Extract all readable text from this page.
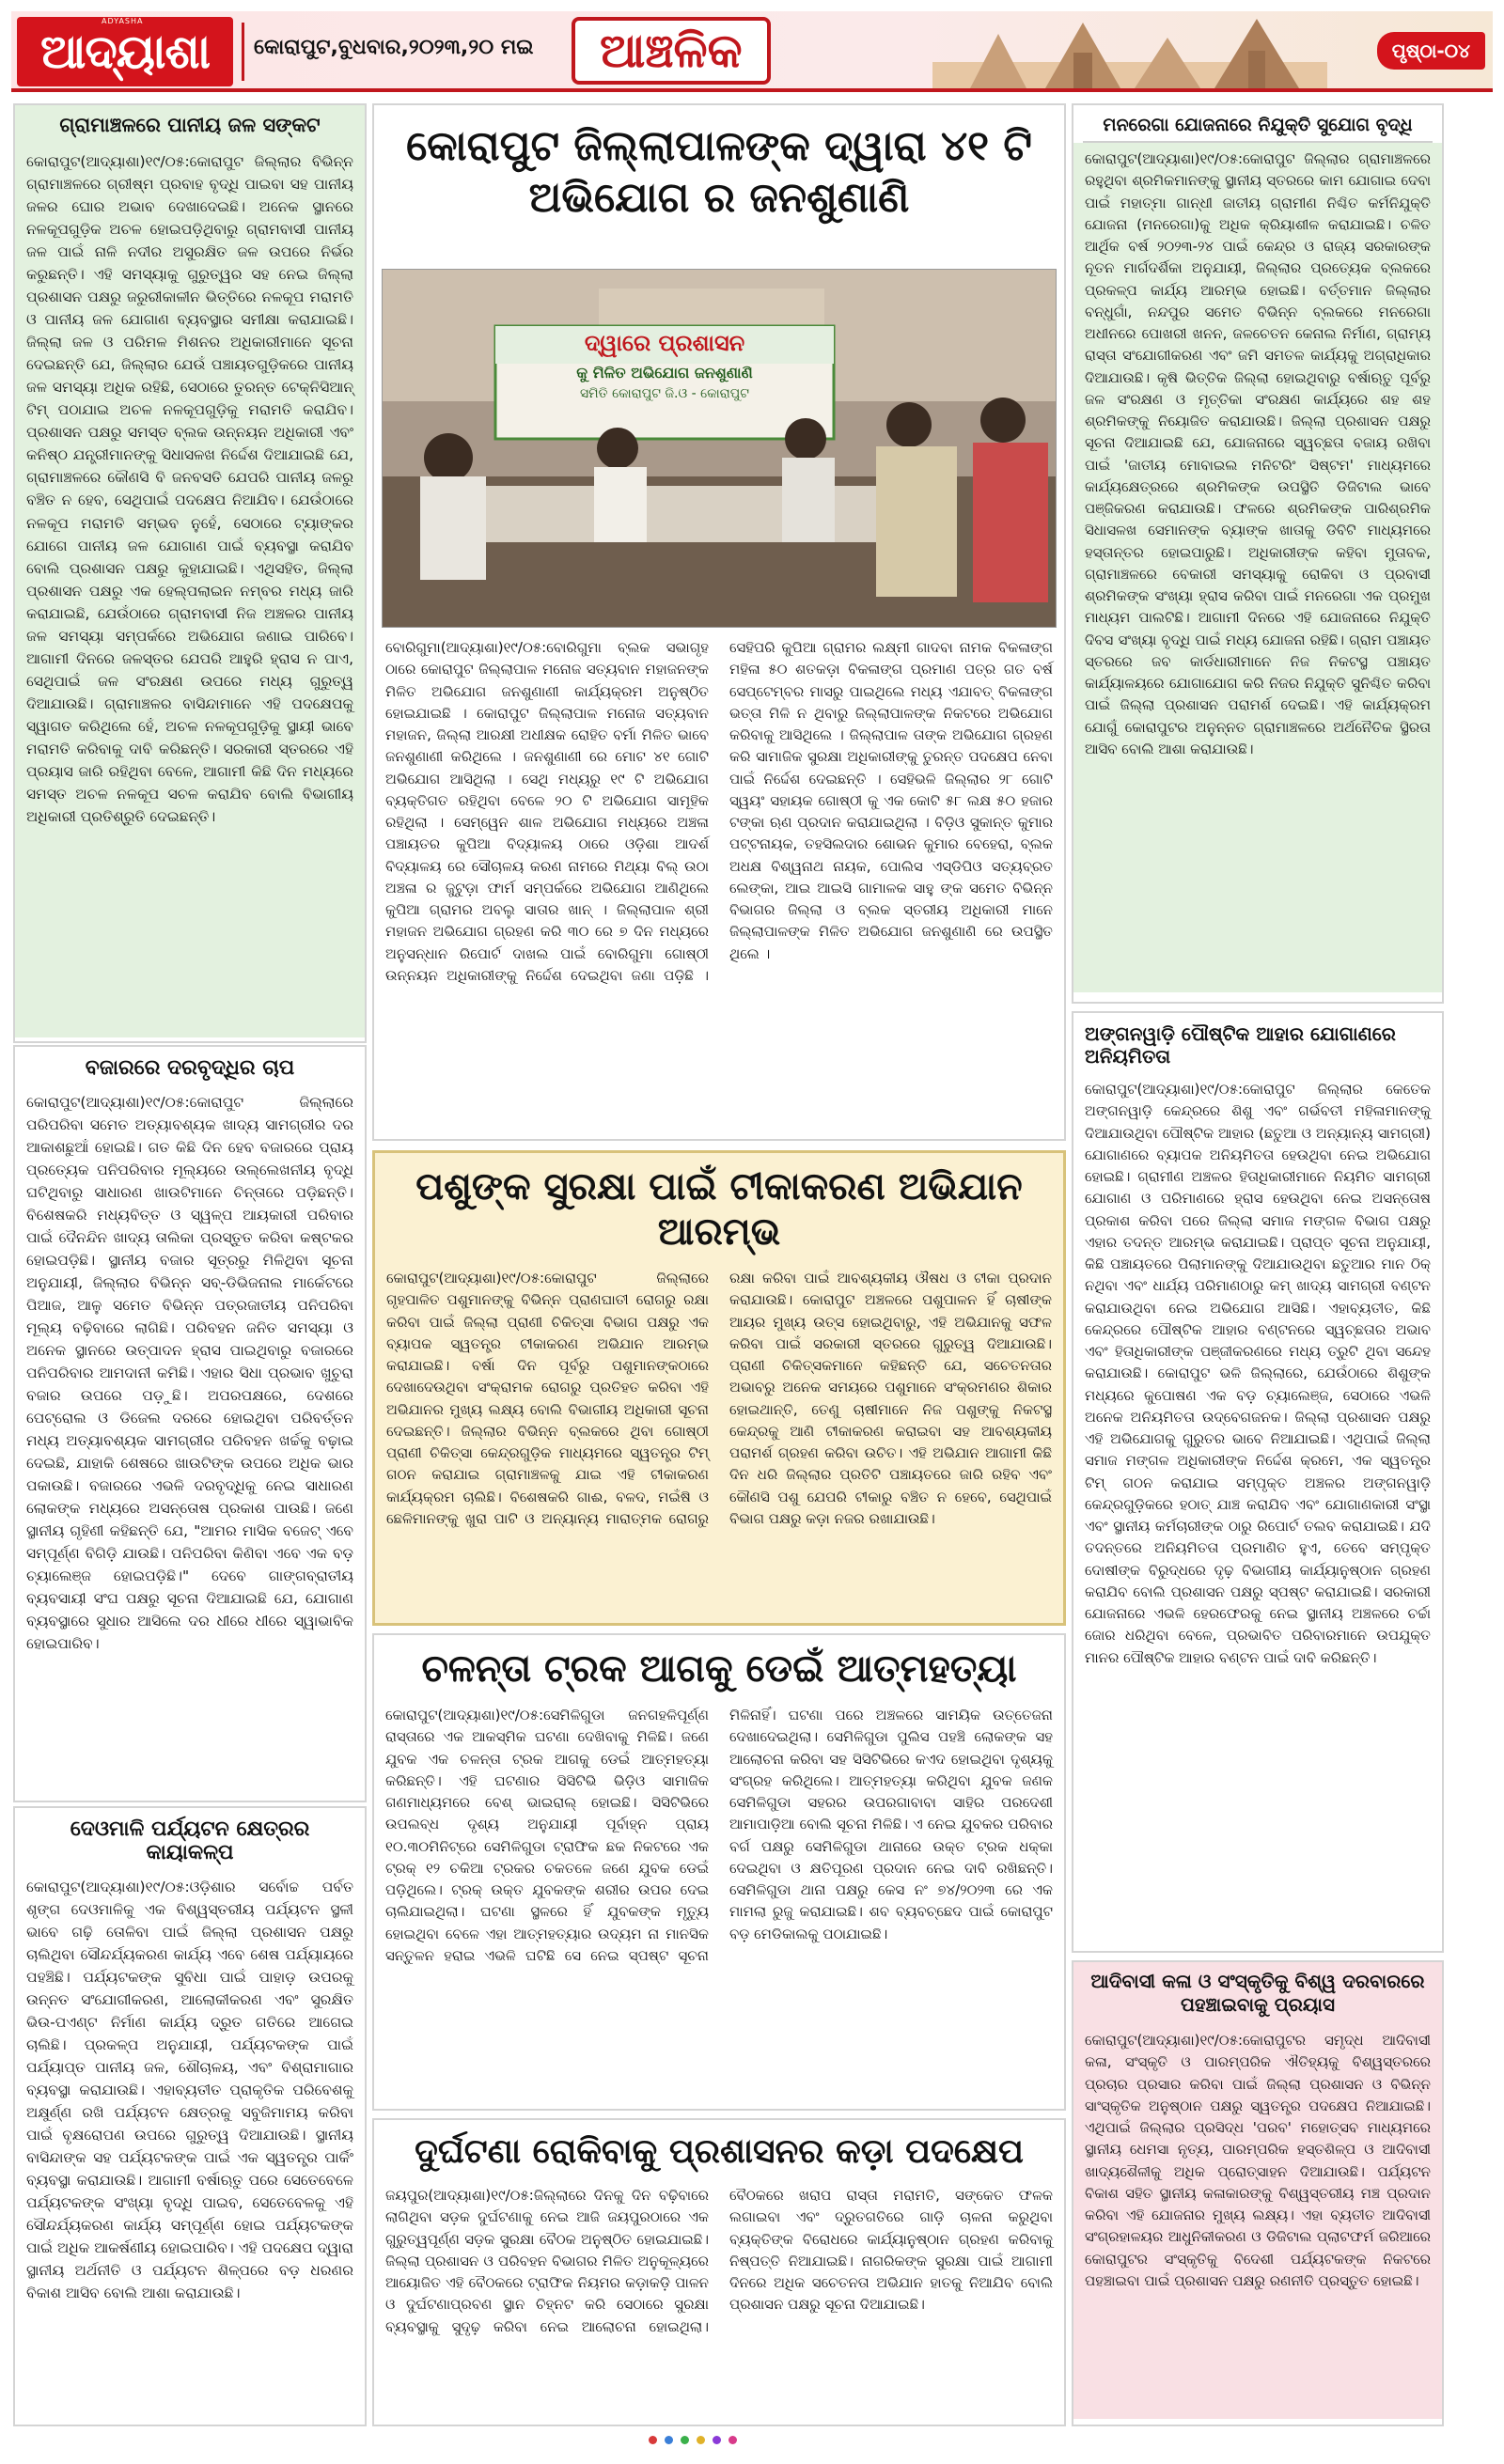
ଆଦ୍ୟାଶା
ADYASHA
କୋରାପୁଟ,ବୁଧବାର,୨୦୨୩,୨୦ ମଇ	ଆଞ୍ଚଳିକ	ପୃଷ୍ଠା-୦୪
ଗ୍ରାମାଞ୍ଚଳରେ ପାନୀୟ ଜଳ ସଙ୍କଟ
କୋରାପୁଟ(ଆଦ୍ୟାଶା)୧୯/୦୫:କୋରାପୁଟ ଜିଲ୍ଲାର ବିଭିନ୍ନ ଗ୍ରାମାଞ୍ଚଳରେ ଗ୍ରୀଷ୍ମ ପ୍ରବାହ ବୃଦ୍ଧି ପାଇବା ସହ ପାନୀୟ ଜଳର ଘୋର ଅଭାବ ଦେଖାଦେଇଛି। ଅନେକ ସ୍ଥାନରେ ନଳକୂପଗୁଡ଼ିକ ଅଚଳ ହୋଇପଡ଼ିଥିବାରୁ ଗ୍ରାମବାସୀ ପାନୀୟ ଜଳ ପାଇଁ ନାଳି ନଦୀର ଅସୁରକ୍ଷିତ ଜଳ ଉପରେ ନିର୍ଭର କରୁଛନ୍ତି। ଏହି ସମସ୍ୟାକୁ ଗୁରୁତ୍ୱର ସହ ନେଇ ଜିଲ୍ଲା ପ୍ରଶାସନ ପକ୍ଷରୁ ଜରୁରୀକାଳୀନ ଭିତ୍ତିରେ ନଳକୂପ ମରାମତି ଓ ପାନୀୟ ଜଳ ଯୋଗାଣ ବ୍ୟବସ୍ଥାର ସମୀକ୍ଷା କରାଯାଇଛି। ଜିଲ୍ଲା ଜଳ ଓ ପରିମଳ ମିଶନର ଅଧିକାରୀମାନେ ସୂଚନା ଦେଇଛନ୍ତି ଯେ, ଜିଲ୍ଲାର ଯେଉଁ ପଞ୍ଚାୟତଗୁଡ଼ିକରେ ପାନୀୟ ଜଳ ସମସ୍ୟା ଅଧିକ ରହିଛି, ସେଠାରେ ତୁରନ୍ତ ଟେକ୍ନିସିଆନ୍ ଟିମ୍ ପଠାଯାଇ ଅଚଳ ନଳକୂପଗୁଡ଼ିକୁ ମରାମତି କରାଯିବ। ପ୍ରଶାସନ ପକ୍ଷରୁ ସମସ୍ତ ବ୍ଲକ ଉନ୍ନୟନ ଅଧିକାରୀ ଏବଂ କନିଷ୍ଠ ଯନ୍ତ୍ରୀମାନଙ୍କୁ ସିଧାସଳଖ ନିର୍ଦ୍ଦେଶ ଦିଆଯାଇଛି ଯେ, ଗ୍ରାମାଞ୍ଚଳରେ କୌଣସି ବି ଜନବସତି ଯେପରି ପାନୀୟ ଜଳରୁ ବଞ୍ଚିତ ନ ହେବ, ସେଥିପାଇଁ ପଦକ୍ଷେପ ନିଆଯିବ। ଯେଉଁଠାରେ ନଳକୂପ ମରାମତି ସମ୍ଭବ ନୁହେଁ, ସେଠାରେ ଟ୍ୟାଙ୍କର ଯୋଗେ ପାନୀୟ ଜଳ ଯୋଗାଣ ପାଇଁ ବ୍ୟବସ୍ଥା କରାଯିବ ବୋଲି ପ୍ରଶାସନ ପକ୍ଷରୁ କୁହାଯାଇଛି। ଏଥିସହିତ, ଜିଲ୍ଲା ପ୍ରଶାସନ ପକ୍ଷରୁ ଏକ ହେଲ୍ପଲାଇନ ନମ୍ବର ମଧ୍ୟ ଜାରି କରାଯାଇଛି, ଯେଉଁଠାରେ ଗ୍ରାମବାସୀ ନିଜ ଅଞ୍ଚଳର ପାନୀୟ ଜଳ ସମସ୍ୟା ସମ୍ପର୍କରେ ଅଭିଯୋଗ ଜଣାଇ ପାରିବେ। ଆଗାମୀ ଦିନରେ ଜଳସ୍ତର ଯେପରି ଆହୁରି ହ୍ରାସ ନ ପାଏ, ସେଥିପାଇଁ ଜଳ ସଂରକ୍ଷଣ ଉପରେ ମଧ୍ୟ ଗୁରୁତ୍ୱ ଦିଆଯାଉଛି। ଗ୍ରାମାଞ୍ଚଳର ବାସିନ୍ଦାମାନେ ଏହି ପଦକ୍ଷେପକୁ ସ୍ୱାଗତ କରିଥିଲେ ହେଁ, ଅଚଳ ନଳକୂପଗୁଡ଼ିକୁ ସ୍ଥାୟୀ ଭାବେ ମରାମତି କରିବାକୁ ଦାବି କରିଛନ୍ତି। ସରକାରୀ ସ୍ତରରେ ଏହି ପ୍ରୟାସ ଜାରି ରହିଥିବା ବେଳେ, ଆଗାମୀ କିଛି ଦିନ ମଧ୍ୟରେ ସମସ୍ତ ଅଚଳ ନଳକୂପ ସଚଳ କରାଯିବ ବୋଲି ବିଭାଗୀୟ ଅଧିକାରୀ ପ୍ରତିଶ୍ରୁତି ଦେଇଛନ୍ତି।
ବଜାରରେ ଦରବୃଦ୍ଧିର ଚାପ
କୋରାପୁଟ(ଆଦ୍ୟାଶା)୧୯/୦୫:କୋରାପୁଟ ଜିଲ୍ଲାରେ ପରିପରିବା ସମେତ ଅତ୍ୟାବଶ୍ୟକ ଖାଦ୍ୟ ସାମଗ୍ରୀର ଦର ଆକାଶଛୁଆଁ ହୋଇଛି। ଗତ କିଛି ଦିନ ହେବ ବଜାରରେ ପ୍ରାୟ ପ୍ରତ୍ୟେକ ପନିପରିବାର ମୂଲ୍ୟରେ ଉଲ୍ଲେଖନୀୟ ବୃଦ୍ଧି ଘଟିଥିବାରୁ ସାଧାରଣ ଖାଉଟିମାନେ ଚିନ୍ତାରେ ପଡ଼ିଛନ୍ତି। ବିଶେଷକରି ମଧ୍ୟବିତ୍ତ ଓ ସ୍ୱଳ୍ପ ଆୟକାରୀ ପରିବାର ପାଇଁ ଦୈନନ୍ଦିନ ଖାଦ୍ୟ ତାଲିକା ପ୍ରସ୍ତୁତ କରିବା କଷ୍ଟକର ହୋଇପଡ଼ିଛି। ସ୍ଥାନୀୟ ବଜାର ସୂତ୍ରରୁ ମିଳିଥିବା ସୂଚନା ଅନୁଯାୟୀ, ଜିଲ୍ଲାର ବିଭିନ୍ନ ସବ୍-ଡିଭିଜନାଲ ମାର୍କେଟରେ ପିଆଜ, ଆଳୁ ସମେତ ବିଭିନ୍ନ ପତ୍ରଜାତୀୟ ପନିପରିବା ମୂଲ୍ୟ ବଢ଼ିବାରେ ଲାଗିଛି। ପରିବହନ ଜନିତ ସମସ୍ୟା ଓ ଅନେକ ସ୍ଥାନରେ ଉତ୍ପାଦନ ହ୍ରାସ ପାଇଥିବାରୁ ବଜାରରେ ପନିପରିବାର ଆମଦାନୀ କମିଛି। ଏହାର ସିଧା ପ୍ରଭାବ ଖୁଚୁରା ବଜାର ଉପରେ ପଡ଼ୁଛି। ଅପରପକ୍ଷରେ, ଦେଶରେ ପେଟ୍ରୋଲ ଓ ଡିଜେଲ ଦରରେ ହୋଇଥିବା ପରିବର୍ତ୍ତନ ମଧ୍ୟ ଅତ୍ୟାବଶ୍ୟକ ସାମଗ୍ରୀର ପରିବହନ ଖର୍ଚ୍ଚକୁ ବଢ଼ାଇ ଦେଇଛି, ଯାହାକି ଶେଷରେ ଖାଉଟିଙ୍କ ଉପରେ ଅଧିକ ଭାର ପକାଉଛି। ବଜାରରେ ଏଭଳି ଦରବୃଦ୍ଧିକୁ ନେଇ ସାଧାରଣ ଲୋକଙ୍କ ମଧ୍ୟରେ ଅସନ୍ତୋଷ ପ୍ରକାଶ ପାଉଛି। ଜଣେ ସ୍ଥାନୀୟ ଗୃହିଣୀ କହିଛନ୍ତି ଯେ, "ଆମର ମାସିକ ବଜେଟ୍ ଏବେ ସମ୍ପୂର୍ଣ୍ଣ ବିଗିଡ଼ି ଯାଉଛି। ପନିପରିବା କିଣିବା ଏବେ ଏକ ବଡ଼ ଚ୍ୟାଲେଞ୍ଜ ହୋଇପଡ଼ିଛି।" ଦେବେ ଗାଙ୍ଗବ୍ରାତୀୟ ବ୍ୟବସାୟୀ ସଂଘ ପକ୍ଷରୁ ସୂଚନା ଦିଆଯାଇଛି ଯେ, ଯୋଗାଣ ବ୍ୟବସ୍ଥାରେ ସୁଧାର ଆସିଲେ ଦର ଧୀରେ ଧୀରେ ସ୍ୱାଭାବିକ ହୋଇପାରିବ।
ଦେଓମାଳି ପର୍ଯ୍ୟଟନ କ୍ଷେତ୍ରର କାୟାକଳ୍ପ
କୋରାପୁଟ(ଆଦ୍ୟାଶା)୧୯/୦୫:ଓଡ଼ିଶାର ସର୍ବୋଚ୍ଚ ପର୍ବତ ଶୃଙ୍ଗ ଦେଓମାଳିକୁ ଏକ ବିଶ୍ୱସ୍ତରୀୟ ପର୍ଯ୍ୟଟନ ସ୍ଥଳୀ ଭାବେ ଗଢ଼ି ତୋଳିବା ପାଇଁ ଜିଲ୍ଲା ପ୍ରଶାସନ ପକ୍ଷରୁ ଚାଲିଥିବା ସୌନ୍ଦର୍ଯ୍ୟକରଣ କାର୍ଯ୍ୟ ଏବେ ଶେଷ ପର୍ଯ୍ୟାୟରେ ପହଞ୍ଚିଛି। ପର୍ଯ୍ୟଟକଙ୍କ ସୁବିଧା ପାଇଁ ପାହାଡ଼ ଉପରକୁ ଉନ୍ନତ ସଂଯୋଗୀକରଣ, ଆଲୋକୀକରଣ ଏବଂ ସୁରକ୍ଷିତ ଭିଉ-ପଏଣ୍ଟ ନିର୍ମାଣ କାର୍ଯ୍ୟ ଦ୍ରୁତ ଗତିରେ ଆଗେଇ ଚାଲିଛି। ପ୍ରକଳ୍ପ ଅନୁଯାୟୀ, ପର୍ଯ୍ୟଟକଙ୍କ ପାଇଁ ପର୍ଯ୍ୟାପ୍ତ ପାନୀୟ ଜଳ, ଶୌଚାଳୟ, ଏବଂ ବିଶ୍ରାମାଗାର ବ୍ୟବସ୍ଥା କରାଯାଉଛି। ଏହାବ୍ୟତୀତ ପ୍ରାକୃତିକ ପରିବେଶକୁ ଅକ୍ଷୁର୍ଣ୍ଣ ରଖି ପର୍ଯ୍ୟଟନ କ୍ଷେତ୍ରକୁ ସବୁଜିମାମୟ କରିବା ପାଇଁ ବୃକ୍ଷରୋପଣ ଉପରେ ଗୁରୁତ୍ୱ ଦିଆଯାଉଛି। ସ୍ଥାନୀୟ ବାସିନ୍ଦାଙ୍କ ସହ ପର୍ଯ୍ୟଟକଙ୍କ ପାଇଁ ଏକ ସ୍ୱତନ୍ତ୍ର ପାର୍କିଂ ବ୍ୟବସ୍ଥା କରାଯାଉଛି। ଆଗାମୀ ବର୍ଷାଋତୁ ପରେ ସେତେବେଳେ ପର୍ଯ୍ୟଟକଙ୍କ ସଂଖ୍ୟା ବୃଦ୍ଧି ପାଇବ, ସେତେବେଳକୁ ଏହି ସୌନ୍ଦର୍ଯ୍ୟକରଣ କାର୍ଯ୍ୟ ସମ୍ପୂର୍ଣ୍ଣ ହୋଇ ପର୍ଯ୍ୟଟକଙ୍କ ପାଇଁ ଅଧିକ ଆକର୍ଷଣୀୟ ହୋଇପାରିବ। ଏହି ପଦକ୍ଷେପ ଦ୍ୱାରା ସ୍ଥାନୀୟ ଅର୍ଥନୀତି ଓ ପର୍ଯ୍ୟଟନ ଶିଳ୍ପରେ ବଡ଼ ଧରଣର ବିକାଶ ଆସିବ ବୋଲି ଆଶା କରାଯାଉଛି।
କୋରାପୁଟ ଜିଲ୍ଲାପାଳଙ୍କ ଦ୍ୱାରା ୪୧ ଟି ଅଭିଯୋଗ ର ଜନଶୁଣାଣି
ବୋରିଗୁମା(ଆଦ୍ୟାଶା)୧୯/୦୫:ବୋରିଗୁମା ବ୍ଲକ ସଭାଗୃହ ଠାରେ କୋରାପୁଟ ଜିଲ୍ଲାପାଳ ମନୋଜ ସତ୍ୟବାନ ମହାଜନଙ୍କ ମିଳିତ ଅଭିଯୋଗ ଜନଶୁଣାଣୀ କାର୍ଯ୍ୟକ୍ରମ ଅନୁଷ୍ଠିତ ହୋଇଯାଇଛି । କୋରାପୁଟ ଜିଲ୍ଲାପାଳ ମନୋଜ ସତ୍ୟବାନ ମହାଜନ, ଜିଲ୍ଲା ଆରକ୍ଷୀ ଅଧୀକ୍ଷକ ରୋହିତ ବର୍ମା ମିଳିତ ଭାବେ ଜନଶୁଣାଣୀ କରିଥିଲେ । ଜନଶୁଣାଣୀ ରେ ମୋଟ ୪୧ ଗୋଟି ଅଭିଯୋଗ ଆସିଥିଲା । ସେଥି ମଧ୍ୟରୁ ୧୯ ଟି ଅଭିଯୋଗ ବ୍ୟକ୍ତିଗତ ରହିଥିବା ବେଳେ ୨୦ ଟି ଅଭିଯୋଗ ସାମୂହିକ ରହିଥିଲା । ସେମ୍ୱେନ ଶାଳ ଅଭିଯୋଗ ମଧ୍ୟରେ ଅଞ୍ଚଳା ପଞ୍ଚାୟତର କୁପିଆ ବିଦ୍ୟାଳୟ ଠାରେ ଓଡ଼ିଶା ଆଦର୍ଶ ବିଦ୍ୟାଳୟ ରେ ସୌଚାଳୟ କରଣ ନାମରେ ମିଥ୍ୟା ବିଲ୍ ଉଠା ଅଞ୍ଚଳା ର ଜୁଟୁଡ଼ା ଫାର୍ମ ସମ୍ପର୍କରେ ଅଭିଯୋଗ ଆଣିଥିଲେ କୁପିଆ ଗ୍ରାମର ଅବଲୁ ସାତାର ଖାନ୍ । ଜିଲ୍ଲାପାଳ ଶ୍ରୀ ମହାଜନ ଅଭିଯୋଗ ଗ୍ରହଣ କରି ୩୦ ରେ ୭ ଦିନ ମଧ୍ୟରେ ଅନୁସନ୍ଧାନ ରିପୋର୍ଟ ଦାଖଲ ପାଇଁ ବୋରିଗୁମା ଗୋଷ୍ଠୀ ଉନ୍ନୟନ ଅଧିକାରୀଙ୍କୁ ନିର୍ଦ୍ଦେଶ ଦେଇଥିବା ଜଣା ପଡ଼ିଛି । ସେହିପରି କୁପିଆ ଗ୍ରାମର ଲକ୍ଷ୍ମୀ ଗାଦବା ନାମକ ବିକଳାଙ୍ଗ ମହିଳା ୫୦ ଶତକଡ଼ା ବିକଳାଙ୍ଗ ପ୍ରମାଣ ପତ୍ର ଗତ ବର୍ଷ ସେପ୍ଟେମ୍ବର ମାସରୁ ପାଇଥିଲେ ମଧ୍ୟ ଏଯାବତ୍ ବିକଳାଙ୍ଗ ଭତ୍ତା ମିଳି ନ ଥିବାରୁ ଜିଲ୍ଲାପାଳଙ୍କ ନିକଟରେ ଅଭିଯୋଗ କରିବାକୁ ଆସିଥିଲେ । ଜିଲ୍ଲାପାଳ ତାଙ୍କ ଅଭିଯୋଗ ଗ୍ରହଣ କରି ସାମାଜିକ ସୁରକ୍ଷା ଅଧିକାରୀଙ୍କୁ ତୁରନ୍ତ ପଦକ୍ଷେପ ନେବା ପାଇଁ ନିର୍ଦ୍ଦେଶ ଦେଇଛନ୍ତି । ସେହିଭଳି ଜିଲ୍ଲାର ୨୮ ଗୋଟି ସ୍ୱୟଂ ସହାୟକ ଗୋଷ୍ଠୀ କୁ ଏକ କୋଟି ୫୮ ଲକ୍ଷ ୫୦ ହଜାର ଟଙ୍କା ଋଣ ପ୍ରଦାନ କରାଯାଇଥିଲା । ବିଡ଼ିଓ ସୁକାନ୍ତ କୁମାର ପଟ୍ଟନାୟକ, ତହସିଲଦାର ଶୋଭନ କୁମାର ବେହେରା, ବ୍ଲକ ଅଧକ୍ଷ ବିଶ୍ୱନାଥ ନାୟକ, ପୋଲିସ ଏସ୍ଡିପିଓ ସତ୍ୟବ୍ରତ ଲେଙ୍କା, ଆଇ ଆଇସି ଗାମାଳକ ସାହୁ ଙ୍କ ସମେତ ବିଭିନ୍ନ ବିଭାଗର ଜିଲ୍ଲା ଓ ବ୍ଲକ ସ୍ତରୀୟ ଅଧିକାରୀ ମାନେ ଜିଲ୍ଲାପାଳଙ୍କ ମିଳିତ ଅଭିଯୋଗ ଜନଶୁଣାଣି ରେ ଉପସ୍ଥିତ ଥିଲେ ।
ଦ୍ୱାରେ ପ୍ରଶାସନ
କୁ ମିଳିତ ଅଭିଯୋଗ ଜନଶୁଣାଣି
ସମିତି କୋରାପୁଟ ଜି.ଓ - କୋରାପୁଟ
ପଶୁଙ୍କ ସୁରକ୍ଷା ପାଇଁ ଟୀକାକରଣ ଅଭିଯାନ ଆରମ୍ଭ
କୋରାପୁଟ(ଆଦ୍ୟାଶା)୧୯/୦୫:କୋରାପୁଟ ଜିଲ୍ଲାରେ ଗୃହପାଳିତ ପଶୁମାନଙ୍କୁ ବିଭିନ୍ନ ପ୍ରାଣଘାତୀ ରୋଗରୁ ରକ୍ଷା କରିବା ପାଇଁ ଜିଲ୍ଲା ପ୍ରାଣୀ ଚିକିତ୍ସା ବିଭାଗ ପକ୍ଷରୁ ଏକ ବ୍ୟାପକ ସ୍ୱତନ୍ତ୍ର ଟୀକାକରଣ ଅଭିଯାନ ଆରମ୍ଭ କରାଯାଇଛି। ବର୍ଷା ଦିନ ପୂର୍ବରୁ ପଶୁମାନଙ୍କଠାରେ ଦେଖାଦେଉଥିବା ସଂକ୍ରାମକ ରୋଗରୁ ପ୍ରତିହତ କରିବା ଏହି ଅଭିଯାନର ମୁଖ୍ୟ ଲକ୍ଷ୍ୟ ବୋଲି ବିଭାଗୀୟ ଅଧିକାରୀ ସୂଚନା ଦେଇଛନ୍ତି। ଜିଲ୍ଲାର ବିଭିନ୍ନ ବ୍ଲକରେ ଥିବା ଗୋଷ୍ଠୀ ପ୍ରାଣୀ ଚିକିତ୍ସା କେନ୍ଦ୍ରଗୁଡ଼ିକ ମାଧ୍ୟମରେ ସ୍ୱତନ୍ତ୍ର ଟିମ୍ ଗଠନ କରାଯାଇ ଗ୍ରାମାଞ୍ଚଳକୁ ଯାଇ ଏହି ଟୀକାକରଣ କାର୍ଯ୍ୟକ୍ରମ ଚାଲିଛି। ବିଶେଷକରି ଗାଈ, ବଳଦ, ମଇଁଷି ଓ ଛେଳିମାନଙ୍କୁ ଖୁରା ପାଟି ଓ ଅନ୍ୟାନ୍ୟ ମାରାତ୍ମକ ରୋଗରୁ ରକ୍ଷା କରିବା ପାଇଁ ଆବଶ୍ୟକୀୟ ଔଷଧ ଓ ଟୀକା ପ୍ରଦାନ କରାଯାଉଛି। କୋରାପୁଟ ଅଞ୍ଚଳରେ ପଶୁପାଳନ ହିଁ ଚାଷୀଙ୍କ ଆୟର ମୁଖ୍ୟ ଉତ୍ସ ହୋଇଥିବାରୁ, ଏହି ଅଭିଯାନକୁ ସଫଳ କରିବା ପାଇଁ ସରକାରୀ ସ୍ତରରେ ଗୁରୁତ୍ୱ ଦିଆଯାଉଛି। ପ୍ରାଣୀ ଚିକିତ୍ସକମାନେ କହିଛନ୍ତି ଯେ, ସଚେତନତାର ଅଭାବରୁ ଅନେକ ସମୟରେ ପଶୁମାନେ ସଂକ୍ରମଣର ଶିକାର ହୋଇଥାନ୍ତି, ତେଣୁ ଚାଷୀମାନେ ନିଜ ପଶୁଙ୍କୁ ନିକଟସ୍ଥ କେନ୍ଦ୍ରକୁ ଆଣି ଟୀକାକରଣ କରାଇବା ସହ ଆବଶ୍ୟକୀୟ ପରାମର୍ଶ ଗ୍ରହଣ କରିବା ଉଚିତ। ଏହି ଅଭିଯାନ ଆଗାମୀ କିଛି ଦିନ ଧରି ଜିଲ୍ଲାର ପ୍ରତିଟି ପଞ୍ଚାୟତରେ ଜାରି ରହିବ ଏବଂ କୌଣସି ପଶୁ ଯେପରି ଟୀକାରୁ ବଞ୍ଚିତ ନ ହେବେ, ସେଥିପାଇଁ ବିଭାଗ ପକ୍ଷରୁ କଡ଼ା ନଜର ରଖାଯାଉଛି।
ଚଳନ୍ତା ଟ୍ରକ ଆଗକୁ ଡେଇଁ ଆତ୍ମହତ୍ୟା
କୋରାପୁଟ(ଆଦ୍ୟାଶା)୧୯/୦୫:ସେମିଳିଗୁଡା ଜନଗହଳିପୂର୍ଣ୍ଣ ରାସ୍ତାରେ ଏକ ଆକସ୍ମିକ ଘଟଣା ଦେଖିବାକୁ ମିଳିଛି। ଜଣେ ଯୁବକ ଏକ ଚଳନ୍ତା ଟ୍ରକ ଆଗକୁ ଡେଇଁ ଆତ୍ମହତ୍ୟା କରିଛନ୍ତି। ଏହି ଘଟଣାର ସିସିଟିଭି ଭିଡ଼ିଓ ସାମାଜିକ ଗଣମାଧ୍ୟମରେ ବେଶ୍ ଭାଇରାଲ୍ ହୋଇଛି। ସିସିଟିଭିରେ ଉପଲବ୍ଧ ଦୃଶ୍ୟ ଅନୁଯାୟୀ ପୂର୍ବାହ୍ନ ପ୍ରାୟ ୧୦.୩୦ମିନିଟ୍‌ରେ ସେମିଳିଗୁଡା ଟ୍ରାଫିକ ଛକ ନିକଟରେ ଏକ ଟ୍ରକ୍ ୧୨ ଚକିଆ ଟ୍ରକର ଚକତଳେ ଜଣେ ଯୁବକ ଡେଇଁ ପଡ଼ିଥିଲେ। ଟ୍ରକ୍ ଉକ୍ତ ଯୁବକଙ୍କ ଶରୀର ଉପର ଦେଇ ଚାଲିଯାଇଥିଲା। ଘଟଣା ସ୍ଥଳରେ ହିଁ ଯୁବକଙ୍କ ମୃତ୍ୟୁ ହୋଇଥିବା ବେଳେ ଏହା ଆତ୍ମହତ୍ୟାର ଉଦ୍ୟମ ନା ମାନସିକ ସନ୍ତୁଳନ ହରାଇ ଏଭଳି ଘଟିଛି ସେ ନେଇ ସ୍ପଷ୍ଟ ସୂଚନା ମିଳିନାହିଁ। ଘଟଣା ପରେ ଅଞ୍ଚଳରେ ସାମୟିକ ଉତ୍ତେଜନା ଦେଖାଦେଇଥିଲା। ସେମିଳିଗୁଡା ପୁଲିସ ପହଞ୍ଚି ଲୋକଙ୍କ ସହ ଆଲୋଚନା କରିବା ସହ ସିସିଟିଭିରେ କଏଦ ହୋଇଥିବା ଦୃଶ୍ୟକୁ ସଂଗ୍ରହ କରିଥିଲେ। ଆତ୍ମହତ୍ୟା କରିଥିବା ଯୁବକ ଜଣକ ସେମିଳିଗୁଡା ସହରର ଉପରଗାବାବା ସାହିର ପରଦେଶୀ ଆମାପାଡ଼ିଆ ବୋଲି ସୂଚନା ମିଳିଛି। ଏ ନେଇ ଯୁବକର ପରିବାର ବର୍ଗ ପକ୍ଷରୁ ସେମିଳିଗୁଡା ଥାନାରେ ଉକ୍ତ ଟ୍ରକ ଧକ୍କା ଦେଇଥିବା ଓ କ୍ଷତିପୂରଣ ପ୍ରଦାନ ନେଇ ଦାବି ରଖିଛନ୍ତି। ସେମିଳିଗୁଡା ଥାନା ପକ୍ଷରୁ କେସ ନଂ ୭୪/୨୦୨୩ ରେ ଏକ ମାମଲା ରୁଜୁ କରାଯାଇଛି। ଶବ ବ୍ୟବଚ୍ଛେଦ ପାଇଁ କୋରାପୁଟ ବଡ଼ ମେଡିକାଲକୁ ପଠାଯାଇଛି।
ଦୁର୍ଘଟଣା ରୋକିବାକୁ ପ୍ରଶାସନର କଡ଼ା ପଦକ୍ଷେପ
ଜୟପୁର(ଆଦ୍ୟାଶା)୧୯/୦୫:ଜିଲ୍ଲାରେ ଦିନକୁ ଦିନ ବଢ଼ିବାରେ ଲାଗିଥିବା ସଡ଼କ ଦୁର୍ଘଟଣାକୁ ନେଇ ଆଜି ଜୟପୁରଠାରେ ଏକ ଗୁରୁତ୍ୱପୂର୍ଣ୍ଣ ସଡ଼କ ସୁରକ୍ଷା ବୈଠକ ଅନୁଷ୍ଠିତ ହୋଇଯାଇଛି। ଜିଲ୍ଲା ପ୍ରଶାସନ ଓ ପରିବହନ ବିଭାଗର ମିଳିତ ଅନୁକୂଳ୍ୟରେ ଆୟୋଜିତ ଏହି ବୈଠକରେ ଟ୍ରାଫିକ ନିୟମର କଡ଼ାକଡ଼ି ପାଳନ ଓ ଦୁର୍ଘଟଣାପ୍ରବଣ ସ୍ଥାନ ଚିହ୍ନଟ କରି ସେଠାରେ ସୁରକ୍ଷା ବ୍ୟବସ୍ଥାକୁ ସୁଦୃଢ଼ କରିବା ନେଇ ଆଲୋଚନା ହୋଇଥିଲା। ବୈଠକରେ ଖରାପ ରାସ୍ତା ମରାମତି, ସଙ୍କେତ ଫଳକ ଲଗାଇବା ଏବଂ ଦ୍ରୁତଗତିରେ ଗାଡ଼ି ଚାଳନା କରୁଥିବା ବ୍ୟକ୍ତିଙ୍କ ବିରୋଧରେ କାର୍ଯ୍ୟାନୁଷ୍ଠାନ ଗ୍ରହଣ କରିବାକୁ ନିଷ୍ପତ୍ତି ନିଆଯାଇଛି। ନାଗରିକଙ୍କ ସୁରକ୍ଷା ପାଇଁ ଆଗାମୀ ଦିନରେ ଅଧିକ ସଚେତନତା ଅଭିଯାନ ହାତକୁ ନିଆଯିବ ବୋଲି ପ୍ରଶାସନ ପକ୍ଷରୁ ସୂଚନା ଦିଆଯାଇଛି।
ମନରେଗା ଯୋଜନାରେ ନିଯୁକ୍ତି ସୁଯୋଗ ବୃଦ୍ଧି
କୋରାପୁଟ(ଆଦ୍ୟାଶା)୧୯/୦୫:କୋରାପୁଟ ଜିଲ୍ଲାର ଗ୍ରାମାଞ୍ଚଳରେ ରହୁଥିବା ଶ୍ରମିକମାନଙ୍କୁ ସ୍ଥାନୀୟ ସ୍ତରରେ କାମ ଯୋଗାଇ ଦେବା ପାଇଁ ମହାତ୍ମା ଗାନ୍ଧୀ ଜାତୀୟ ଗ୍ରାମୀଣ ନିଶ୍ଚିତ କର୍ମନିଯୁକ୍ତି ଯୋଜନା (ମନରେଗା)କୁ ଅଧିକ କ୍ରିୟାଶୀଳ କରାଯାଇଛି। ଚଳିତ ଆର୍ଥିକ ବର୍ଷ ୨୦୨୩-୨୪ ପାଇଁ କେନ୍ଦ୍ର ଓ ରାଜ୍ୟ ସରକାରଙ୍କ ନୂତନ ମାର୍ଗଦର୍ଶିକା ଅନୁଯାୟୀ, ଜିଲ୍ଲାର ପ୍ରତ୍ୟେକ ବ୍ଲକରେ ପ୍ରକଳ୍ପ କାର୍ଯ୍ୟ ଆରମ୍ଭ ହୋଇଛି। ବର୍ତ୍ତମାନ ଜିଲ୍ଲାର ବନ୍ଧୁଗାଁ, ନନ୍ଦପୁର ସମେତ ବିଭିନ୍ନ ବ୍ଲକରେ ମନରେଗା ଅଧୀନରେ ପୋଖରୀ ଖନନ, ଜଳଚେତନ କେନାଲ ନିର୍ମାଣ, ଗ୍ରାମ୍ୟ ରାସ୍ତା ସଂଯୋଗୀକରଣ ଏବଂ ଜମି ସମତଳ କାର୍ଯ୍ୟକୁ ଅଗ୍ରାଧିକାର ଦିଆଯାଉଛି। କୃଷି ଭିତ୍ତିକ ଜିଲ୍ଲା ହୋଇଥିବାରୁ ବର୍ଷାଋତୁ ପୂର୍ବରୁ ଜଳ ସଂରକ୍ଷଣ ଓ ମୃତ୍ତିକା ସଂରକ୍ଷଣ କାର୍ଯ୍ୟରେ ଶହ ଶହ ଶ୍ରମିକଙ୍କୁ ନିୟୋଜିତ କରାଯାଉଛି। ଜିଲ୍ଲା ପ୍ରଶାସନ ପକ୍ଷରୁ ସୂଚନା ଦିଆଯାଇଛି ଯେ, ଯୋଜନାରେ ସ୍ୱଚ୍ଛତା ବଜାୟ ରଖିବା ପାଇଁ 'ଜାତୀୟ ମୋବାଇଲ ମନିଟରିଂ ସିଷ୍ଟମ' ମାଧ୍ୟମରେ କାର୍ଯ୍ୟକ୍ଷେତ୍ରରେ ଶ୍ରମିକଙ୍କ ଉପସ୍ଥିତି ଡିଜିଟାଲ ଭାବେ ପଞ୍ଜିକରଣ କରାଯାଉଛି। ଫଳରେ ଶ୍ରମିକଙ୍କ ପାରିଶ୍ରମିକ ସିଧାସଳଖ ସେମାନଙ୍କ ବ୍ୟାଙ୍କ ଖାତାକୁ ଡିବିଟି ମାଧ୍ୟମରେ ହସ୍ତାନ୍ତର ହୋଇପାରୁଛି। ଅଧିକାରୀଙ୍କ କହିବା ମୁତାବକ, ଗ୍ରାମାଞ୍ଚଳରେ ବେକାରୀ ସମସ୍ୟାକୁ ରୋକିବା ଓ ପ୍ରବାସୀ ଶ୍ରମିକଙ୍କ ସଂଖ୍ୟା ହ୍ରାସ କରିବା ପାଇଁ ମନରେଗା ଏକ ପ୍ରମୁଖ ମାଧ୍ୟମ ପାଲଟିଛି। ଆଗାମୀ ଦିନରେ ଏହି ଯୋଜନାରେ ନିଯୁକ୍ତି ଦିବସ ସଂଖ୍ୟା ବୃଦ୍ଧି ପାଇଁ ମଧ୍ୟ ଯୋଜନା ରହିଛି। ଗ୍ରାମ ପଞ୍ଚାୟତ ସ୍ତରରେ ଜବ କାର୍ଡଧାରୀମାନେ ନିଜ ନିକଟସ୍ଥ ପଞ୍ଚାୟତ କାର୍ଯ୍ୟାଳୟରେ ଯୋଗାଯୋଗ କରି ନିଜର ନିଯୁକ୍ତି ସୁନିଶ୍ଚିତ କରିବା ପାଇଁ ଜିଲ୍ଲା ପ୍ରଶାସନ ପରାମର୍ଶ ଦେଇଛି। ଏହି କାର୍ଯ୍ୟକ୍ରମ ଯୋଗୁଁ କୋରାପୁଟର ଅନୁନ୍ନତ ଗ୍ରାମାଞ୍ଚଳରେ ଅର୍ଥନୈତିକ ସ୍ଥିରତା ଆସିବ ବୋଲି ଆଶା କରାଯାଉଛି।
ଅଙ୍ଗନୱାଡ଼ି ପୌଷ୍ଟିକ ଆହାର ଯୋଗାଣରେ ଅନିୟମିତତା
କୋରାପୁଟ(ଆଦ୍ୟାଶା)୧୯/୦୫:କୋରାପୁଟ ଜିଲ୍ଲାର କେତେକ ଅଙ୍ଗନୱାଡ଼ି କେନ୍ଦ୍ରରେ ଶିଶୁ ଏବଂ ଗର୍ଭବତୀ ମହିଳାମାନଙ୍କୁ ଦିଆଯାଉଥିବା ପୌଷ୍ଟିକ ଆହାର (ଛତୁଆ ଓ ଅନ୍ୟାନ୍ୟ ସାମଗ୍ରୀ) ଯୋଗାଣରେ ବ୍ୟାପକ ଅନିୟମିତତା ହେଉଥିବା ନେଇ ଅଭିଯୋଗ ହୋଇଛି। ଗ୍ରାମୀଣ ଅଞ୍ଚଳର ହିତାଧିକାରୀମାନେ ନିୟମିତ ସାମଗ୍ରୀ ଯୋଗାଣ ଓ ପରିମାଣରେ ହ୍ରାସ ହେଉଥିବା ନେଇ ଅସନ୍ତୋଷ ପ୍ରକାଶ କରିବା ପରେ ଜିଲ୍ଲା ସମାଜ ମଙ୍ଗଳ ବିଭାଗ ପକ୍ଷରୁ ଏହାର ତଦନ୍ତ ଆରମ୍ଭ କରାଯାଇଛି। ପ୍ରାପ୍ତ ସୂଚନା ଅନୁଯାୟୀ, କିଛି ପଞ୍ଚାୟତରେ ପିଲାମାନଙ୍କୁ ଦିଆଯାଉଥିବା ଛତୁଆର ମାନ ଠିକ୍ ନଥିବା ଏବଂ ଧାର୍ଯ୍ୟ ପରିମାଣଠାରୁ କମ୍ ଖାଦ୍ୟ ସାମଗ୍ରୀ ବଣ୍ଟନ କରାଯାଉଥିବା ନେଇ ଅଭିଯୋଗ ଆସିଛି। ଏହାବ୍ୟତୀତ, କିଛି କେନ୍ଦ୍ରରେ ପୌଷ୍ଟିକ ଆହାର ବଣ୍ଟନରେ ସ୍ୱଚ୍ଛତାର ଅଭାବ ଏବଂ ହିତାଧିକାରୀଙ୍କ ପଞ୍ଜୀକରଣରେ ମଧ୍ୟ ତ୍ରୁଟି ଥିବା ସନ୍ଦେହ କରାଯାଉଛି। କୋରାପୁଟ ଭଳି ଜିଲ୍ଲାରେ, ଯେଉଁଠାରେ ଶିଶୁଙ୍କ ମଧ୍ୟରେ କୁପୋଷଣ ଏକ ବଡ଼ ଚ୍ୟାଲେଞ୍ଜ, ସେଠାରେ ଏଭଳି ଅନେକ ଅନିୟମିତତା ଉଦ୍ବେଗଜନକ। ଜିଲ୍ଲା ପ୍ରଶାସନ ପକ୍ଷରୁ ଏହି ଅଭିଯୋଗକୁ ଗୁରୁତର ଭାବେ ନିଆଯାଇଛି। ଏଥିପାଇଁ ଜିଲ୍ଲା ସମାଜ ମଙ୍ଗଳ ଅଧିକାରୀଙ୍କ ନିର୍ଦ୍ଦେଶ କ୍ରମେ, ଏକ ସ୍ୱତନ୍ତ୍ର ଟିମ୍ ଗଠନ କରାଯାଇ ସମ୍ପୃକ୍ତ ଅଞ୍ଚଳର ଅଙ୍ଗନୱାଡ଼ି କେନ୍ଦ୍ରଗୁଡ଼ିକରେ ହଠାତ୍ ଯାଞ୍ଚ କରାଯିବ ଏବଂ ଯୋଗାଣକାରୀ ସଂସ୍ଥା ଏବଂ ସ୍ଥାନୀୟ କର୍ମଚାରୀଙ୍କ ଠାରୁ ରିପୋର୍ଟ ତଲବ କରାଯାଇଛି। ଯଦି ତଦନ୍ତରେ ଅନିୟମିତତା ପ୍ରମାଣିତ ହୁଏ, ତେବେ ସମ୍ପୃକ୍ତ ଦୋଷୀଙ୍କ ବିରୁଦ୍ଧରେ ଦୃଢ଼ ବିଭାଗୀୟ କାର୍ଯ୍ୟାନୁଷ୍ଠାନ ଗ୍ରହଣ କରାଯିବ ବୋଲି ପ୍ରଶାସନ ପକ୍ଷରୁ ସ୍ପଷ୍ଟ କରାଯାଇଛି। ସରକାରୀ ଯୋଜନାରେ ଏଭଳି ହେରଫେରକୁ ନେଇ ସ୍ଥାନୀୟ ଅଞ୍ଚଳରେ ଚର୍ଚ୍ଚା ଜୋର ଧରିଥିବା ବେଳେ, ପ୍ରଭାବିତ ପରିବାରମାନେ ଉପଯୁକ୍ତ ମାନର ପୌଷ୍ଟିକ ଆହାର ବଣ୍ଟନ ପାଇଁ ଦାବି କରିଛନ୍ତି।
ଆଦିବାସୀ କଳା ଓ ସଂସ୍କୃତିକୁ ବିଶ୍ୱ ଦରବାରରେ ପହଞ୍ଚାଇବାକୁ ପ୍ରୟାସ
କୋରାପୁଟ(ଆଦ୍ୟାଶା)୧୯/୦୫:କୋରାପୁଟର ସମୃଦ୍ଧ ଆଦିବାସୀ କଳା, ସଂସ୍କୃତି ଓ ପାରମ୍ପରିକ ଐତିହ୍ୟକୁ ବିଶ୍ୱସ୍ତରରେ ପ୍ରଚାର ପ୍ରସାର କରିବା ପାଇଁ ଜିଲ୍ଲା ପ୍ରଶାସନ ଓ ବିଭିନ୍ନ ସାଂସ୍କୃତିକ ଅନୁଷ୍ଠାନ ପକ୍ଷରୁ ସ୍ୱତନ୍ତ୍ର ପଦକ୍ଷେପ ନିଆଯାଇଛି। ଏଥିପାଇଁ ଜିଲ୍ଲାର ପ୍ରସିଦ୍ଧ 'ପରବ' ମହୋତ୍ସବ ମାଧ୍ୟମରେ ସ୍ଥାନୀୟ ଧେମସା ନୃତ୍ୟ, ପାରମ୍ପରିକ ହସ୍ତଶିଳ୍ପ ଓ ଆଦିବାସୀ ଖାଦ୍ୟଶୈଳୀକୁ ଅଧିକ ପ୍ରୋତ୍ସାହନ ଦିଆଯାଉଛି। ପର୍ଯ୍ୟଟନ ବିକାଶ ସହିତ ସ୍ଥାନୀୟ କଳାକାରଙ୍କୁ ବିଶ୍ୱସ୍ତରୀୟ ମଞ୍ଚ ପ୍ରଦାନ କରିବା ଏହି ଯୋଜନାର ମୁଖ୍ୟ ଲକ୍ଷ୍ୟ। ଏହା ବ୍ୟତୀତ ଆଦିବାସୀ ସଂଗ୍ରହାଳୟର ଆଧୁନିକୀକରଣ ଓ ଡିଜିଟାଲ ପ୍ଲାଟଫର୍ମ ଜରିଆରେ କୋରାପୁଟର ସଂସ୍କୃତିକୁ ବିଦେଶୀ ପର୍ଯ୍ୟଟକଙ୍କ ନିକଟରେ ପହଞ୍ଚାଇବା ପାଇଁ ପ୍ରଶାସନ ପକ୍ଷରୁ ରଣନୀତି ପ୍ରସ୍ତୁତ ହୋଇଛି।
